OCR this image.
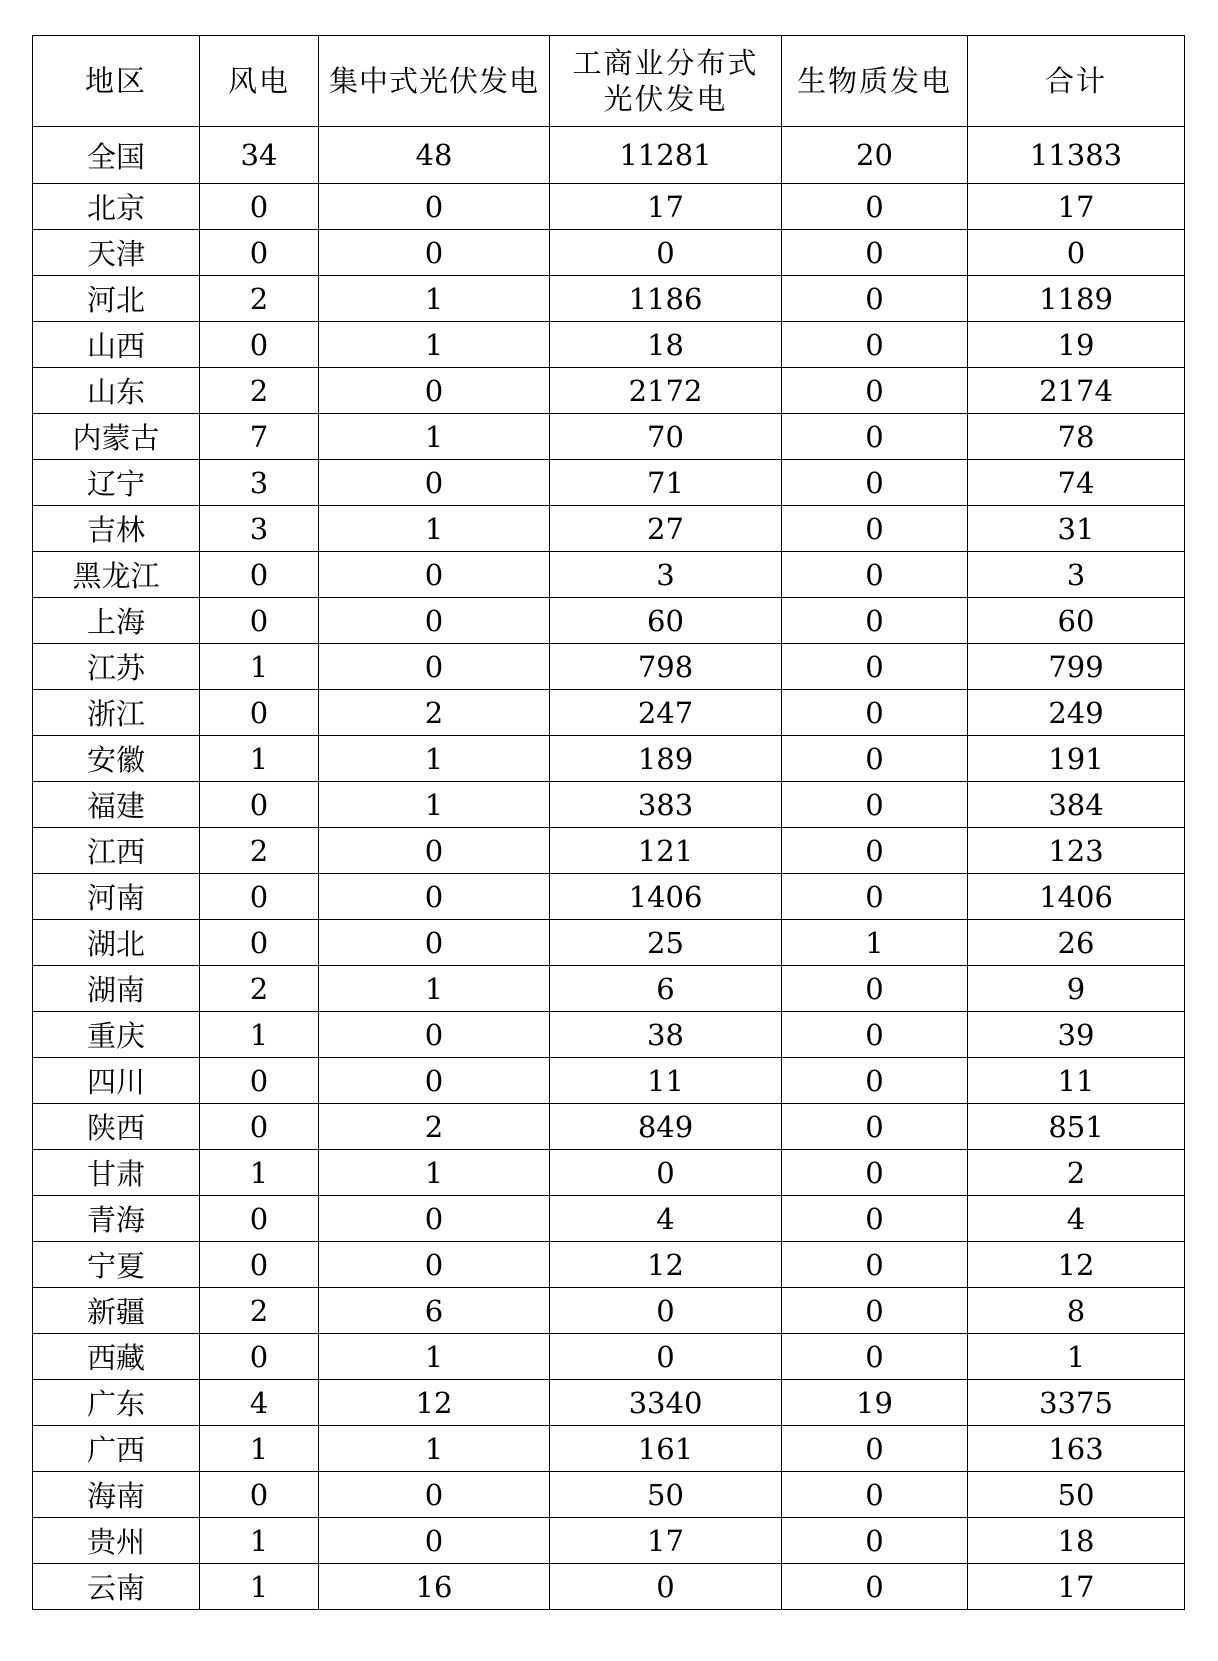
地区	风电	集中式光伏发电	工商业分布式光伏发电	生物质发电	合计
全国	34	48	11281	20	11383
北京	0	0	17	0	17
天津	0	0	0	0	0
河北	2	1	1186	0	1189
山西	0	1	18	0	19
山东	2	0	2172	0	2174
内蒙古	7	1	70	0	78
辽宁	3	0	71	0	74
吉林	3	1	27	0	31
黑龙江	0	0	3	0	3
上海	0	0	60	0	60
江苏	1	0	798	0	799
浙江	0	2	247	0	249
安徽	1	1	189	0	191
福建	0	1	383	0	384
江西	2	0	121	0	123
河南	0	0	1406	0	1406
湖北	0	0	25	1	26
湖南	2	1	6	0	9
重庆	1	0	38	0	39
四川	0	0	11	0	11
陕西	0	2	849	0	851
甘肃	1	1	0	0	2
青海	0	0	4	0	4
宁夏	0	0	12	0	12
新疆	2	6	0	0	8
西藏	0	1	0	0	1
广东	4	12	3340	19	3375
广西	1	1	161	0	163
海南	0	0	50	0	50
贵州	1	0	17	0	18
云南	1	16	0	0	17
